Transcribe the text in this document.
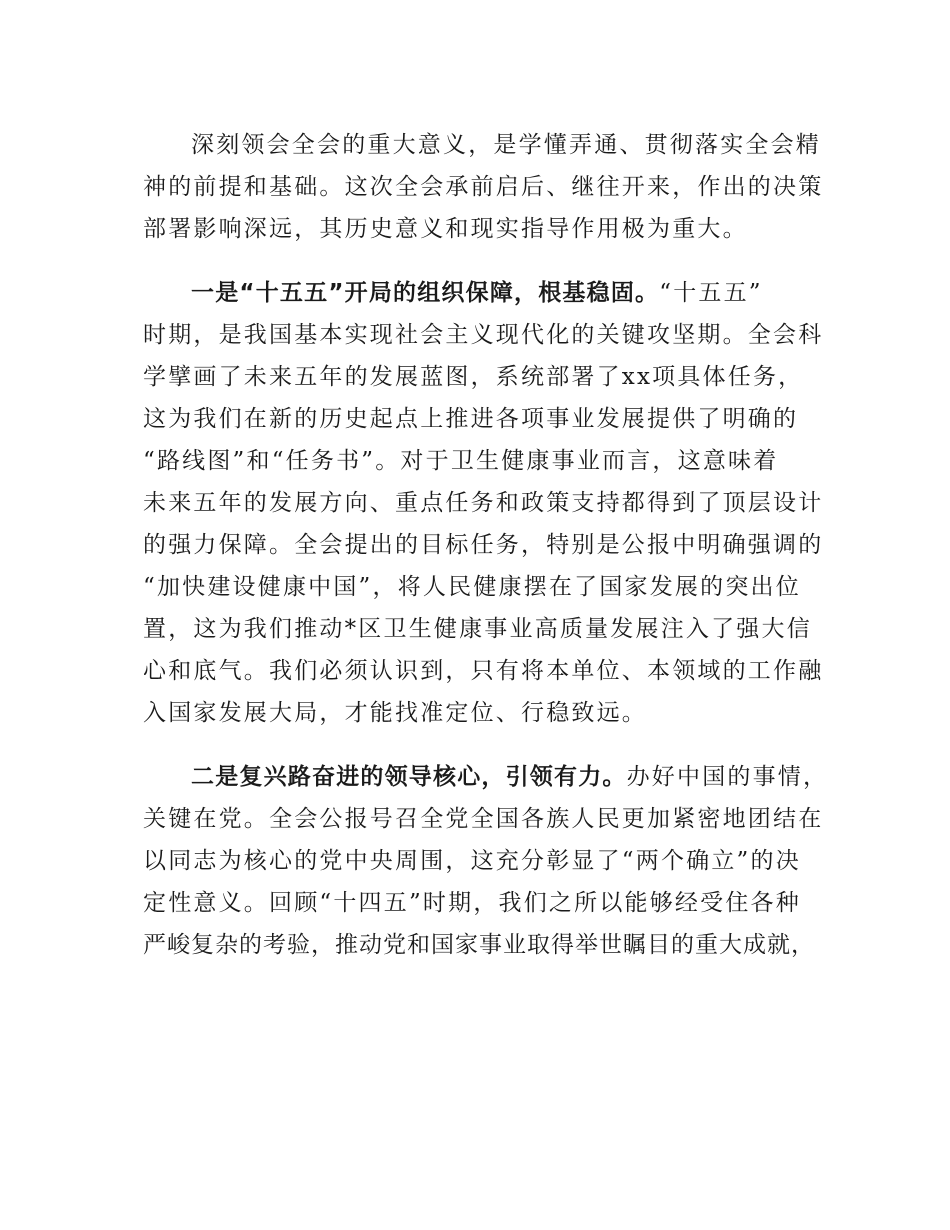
深刻领会全会的重大意义，是学懂弄通、贯彻落实全会精
神的前提和基础。这次全会承前启后、继往开来，作出的决策
部署影响深远，其历史意义和现实指导作用极为重大。
一是“十五五”开局的组织保障，根基稳固。“十五五”
时期，是我国基本实现社会主义现代化的关键攻坚期。全会科
学擘画了未来五年的发展蓝图，系统部署了xx项具体任务，
这为我们在新的历史起点上推进各项事业发展提供了明确的
“路线图”和“任务书”。对于卫生健康事业而言，这意味着
未来五年的发展方向、重点任务和政策支持都得到了顶层设计
的强力保障。全会提出的目标任务，特别是公报中明确强调的
“加快建设健康中国”，将人民健康摆在了国家发展的突出位
置，这为我们推动*区卫生健康事业高质量发展注入了强大信
心和底气。我们必须认识到，只有将本单位、本领域的工作融
入国家发展大局，才能找准定位、行稳致远。
二是复兴路奋进的领导核心，引领有力。办好中国的事情，
关键在党。全会公报号召全党全国各族人民更加紧密地团结在
以同志为核心的党中央周围，这充分彰显了“两个确立”的决
定性意义。回顾“十四五”时期，我们之所以能够经受住各种
严峻复杂的考验，推动党和国家事业取得举世瞩目的重大成就，
